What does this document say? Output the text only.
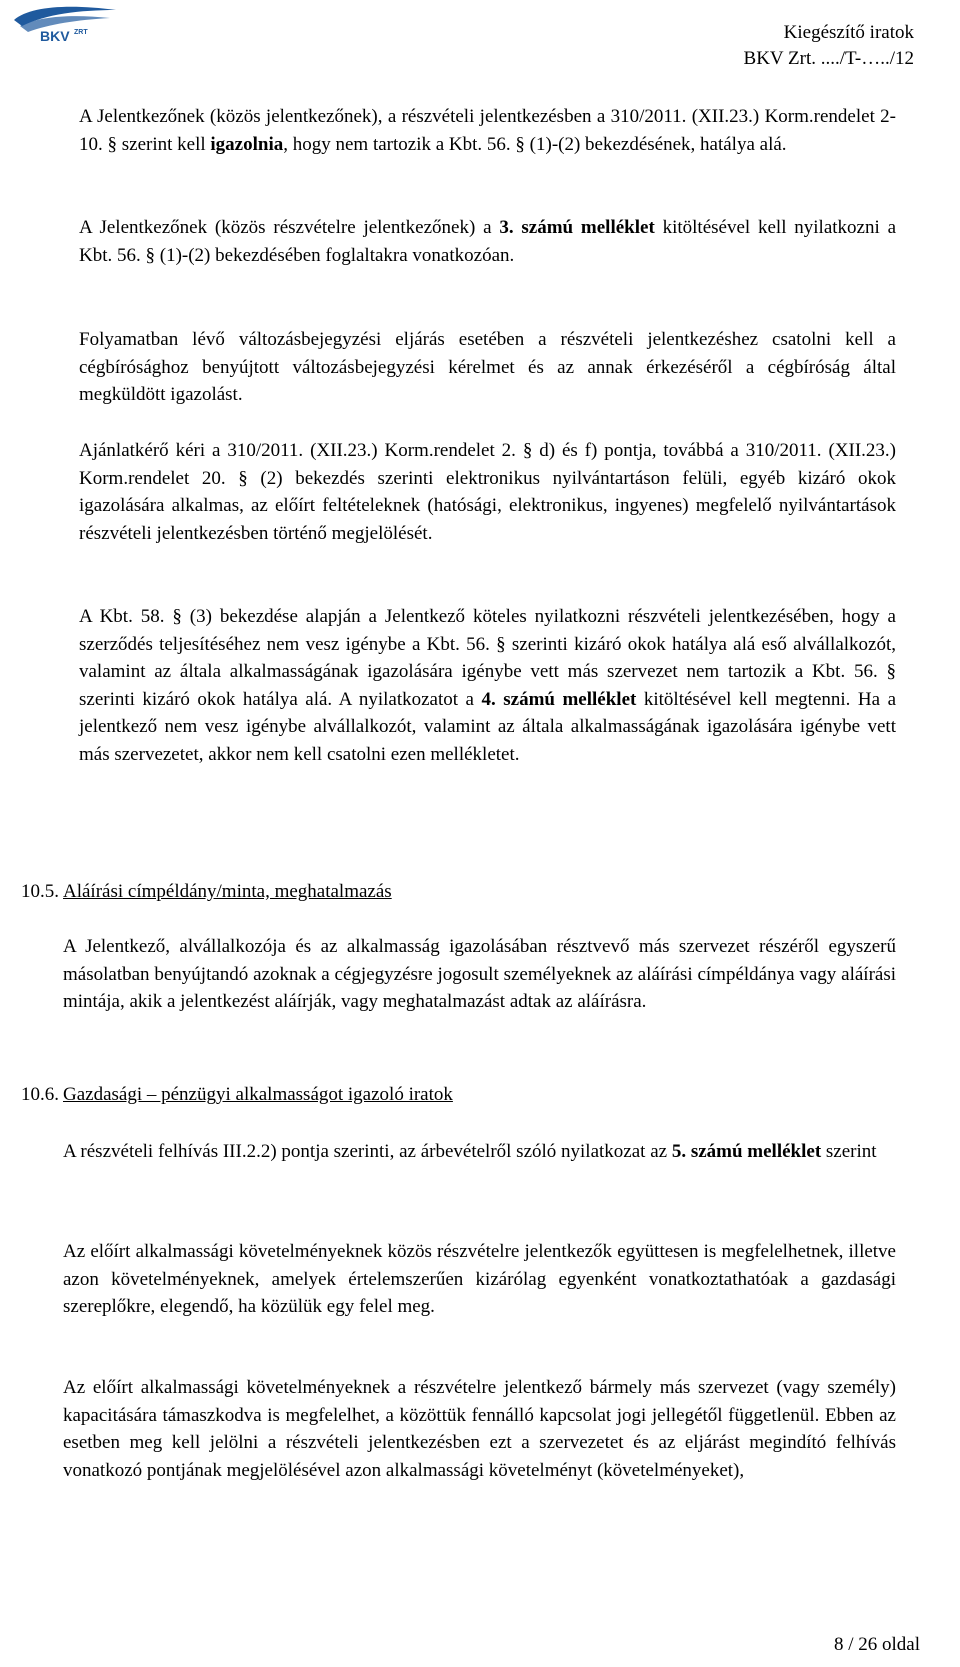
BKV ZRT	Kiegészítő iratok
BKV Zrt. ..../T-…../12

A Jelentkezőnek (közös jelentkezőnek), a részvételi jelentkezésben a 310/2011. (XII.23.) Korm.rendelet 2-10. § szerint kell igazolnia, hogy nem tartozik a Kbt. 56. § (1)-(2) bekezdésének, hatálya alá.

A Jelentkezőnek (közös részvételre jelentkezőnek) a 3. számú melléklet kitöltésével kell nyilatkozni a Kbt. 56. § (1)-(2) bekezdésében foglaltakra vonatkozóan.

Folyamatban lévő változásbejegyzési eljárás esetében a részvételi jelentkezéshez csatolni kell a cégbírósághoz benyújtott változásbejegyzési kérelmet és az annak érkezéséről a cégbíróság által megküldött igazolást.

Ajánlatkérő kéri a 310/2011. (XII.23.) Korm.rendelet 2. § d) és f) pontja, továbbá a 310/2011. (XII.23.) Korm.rendelet 20. § (2) bekezdés szerinti elektronikus nyilvántartáson felüli, egyéb kizáró okok igazolására alkalmas, az előírt feltételeknek (hatósági, elektronikus, ingyenes) megfelelő nyilvántartások részvételi jelentkezésben történő megjelölését.

A Kbt. 58. § (3) bekezdése alapján a Jelentkező köteles nyilatkozni részvételi jelentkezésében, hogy a szerződés teljesítéséhez nem vesz igénybe a Kbt. 56. § szerinti kizáró okok hatálya alá eső alvállalkozót, valamint az általa alkalmasságának igazolására igénybe vett más szervezet nem tartozik a Kbt. 56. § szerinti kizáró okok hatálya alá. A nyilatkozatot a 4. számú melléklet kitöltésével kell megtenni. Ha a jelentkező nem vesz igénybe alvállalkozót, valamint az általa alkalmasságának igazolására igénybe vett más szervezetet, akkor nem kell csatolni ezen mellékletet.

10.5. Aláírási címpéldány/minta, meghatalmazás

A Jelentkező, alvállalkozója és az alkalmasság igazolásában résztvevő más szervezet részéről egyszerű másolatban benyújtandó azoknak a cégjegyzésre jogosult személyeknek az aláírási címpéldánya vagy aláírási mintája, akik a jelentkezést aláírják, vagy meghatalmazást adtak az aláírásra.

10.6. Gazdasági – pénzügyi alkalmasságot igazoló iratok

A részvételi felhívás III.2.2) pontja szerinti, az árbevételről szóló nyilatkozat az 5. számú melléklet szerint

Az előírt alkalmassági követelményeknek közös részvételre jelentkezők együttesen is megfelelhetnek, illetve azon követelményeknek, amelyek értelemszerűen kizárólag egyenként vonatkoztathatóak a gazdasági szereplőkre, elegendő, ha közülük egy felel meg.

Az előírt alkalmassági követelményeknek a részvételre jelentkező bármely más szervezet (vagy személy) kapacitására támaszkodva is megfelelhet, a közöttük fennálló kapcsolat jogi jellegétől függetlenül. Ebben az esetben meg kell jelölni a részvételi jelentkezésben ezt a szervezetet és az eljárást megindító felhívás vonatkozó pontjának megjelölésével azon alkalmassági követelményt (követelményeket),

8 / 26 oldal
